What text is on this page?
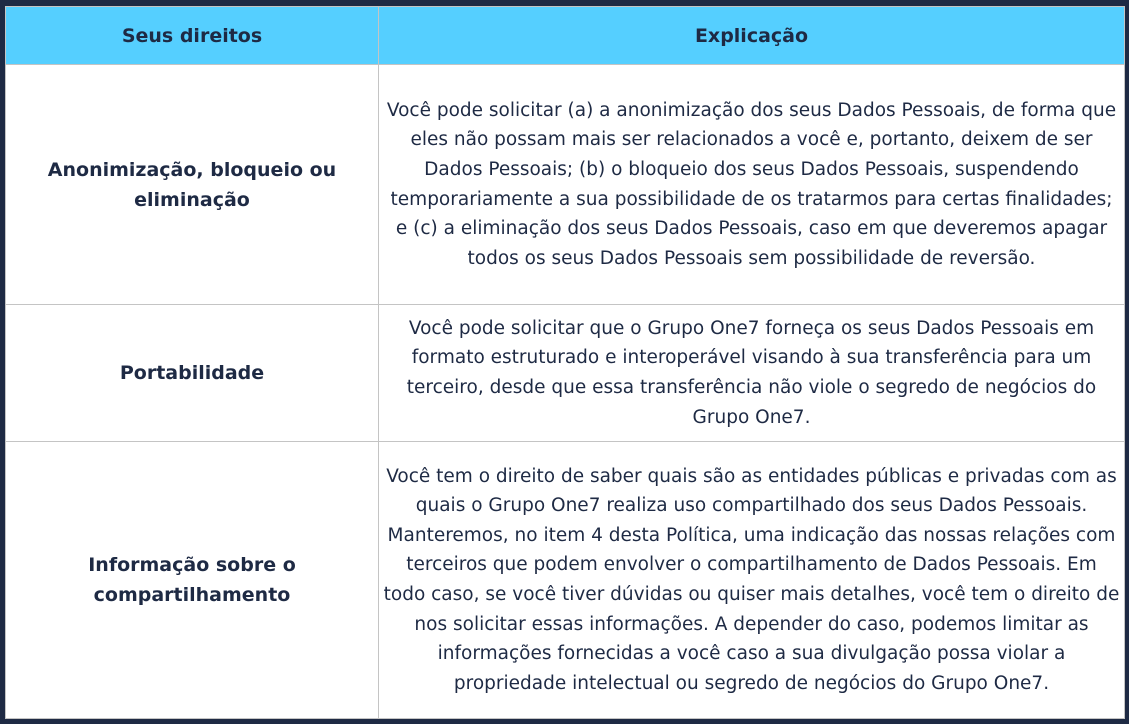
Seus direitos	Explicação
Anonimização, bloqueio ou eliminação	Você pode solicitar (a) a anonimização dos seus Dados Pessoais, de forma que eles não possam mais ser relacionados a você e, portanto, deixem de ser Dados Pessoais; (b) o bloqueio dos seus Dados Pessoais, suspendendo temporariamente a sua possibilidade de os tratarmos para certas finalidades; e (c) a eliminação dos seus Dados Pessoais, caso em que deveremos apagar todos os seus Dados Pessoais sem possibilidade de reversão.
Portabilidade	Você pode solicitar que o Grupo One7 forneça os seus Dados Pessoais em formato estruturado e interoperável visando à sua transferência para um terceiro, desde que essa transferência não viole o segredo de negócios do Grupo One7.
Informação sobre o compartilhamento	Você tem o direito de saber quais são as entidades públicas e privadas com as quais o Grupo One7 realiza uso compartilhado dos seus Dados Pessoais. Manteremos, no item 4 desta Política, uma indicação das nossas relações com terceiros que podem envolver o compartilhamento de Dados Pessoais. Em todo caso, se você tiver dúvidas ou quiser mais detalhes, você tem o direito de nos solicitar essas informações. A depender do caso, podemos limitar as informações fornecidas a você caso a sua divulgação possa violar a propriedade intelectual ou segredo de negócios do Grupo One7.
